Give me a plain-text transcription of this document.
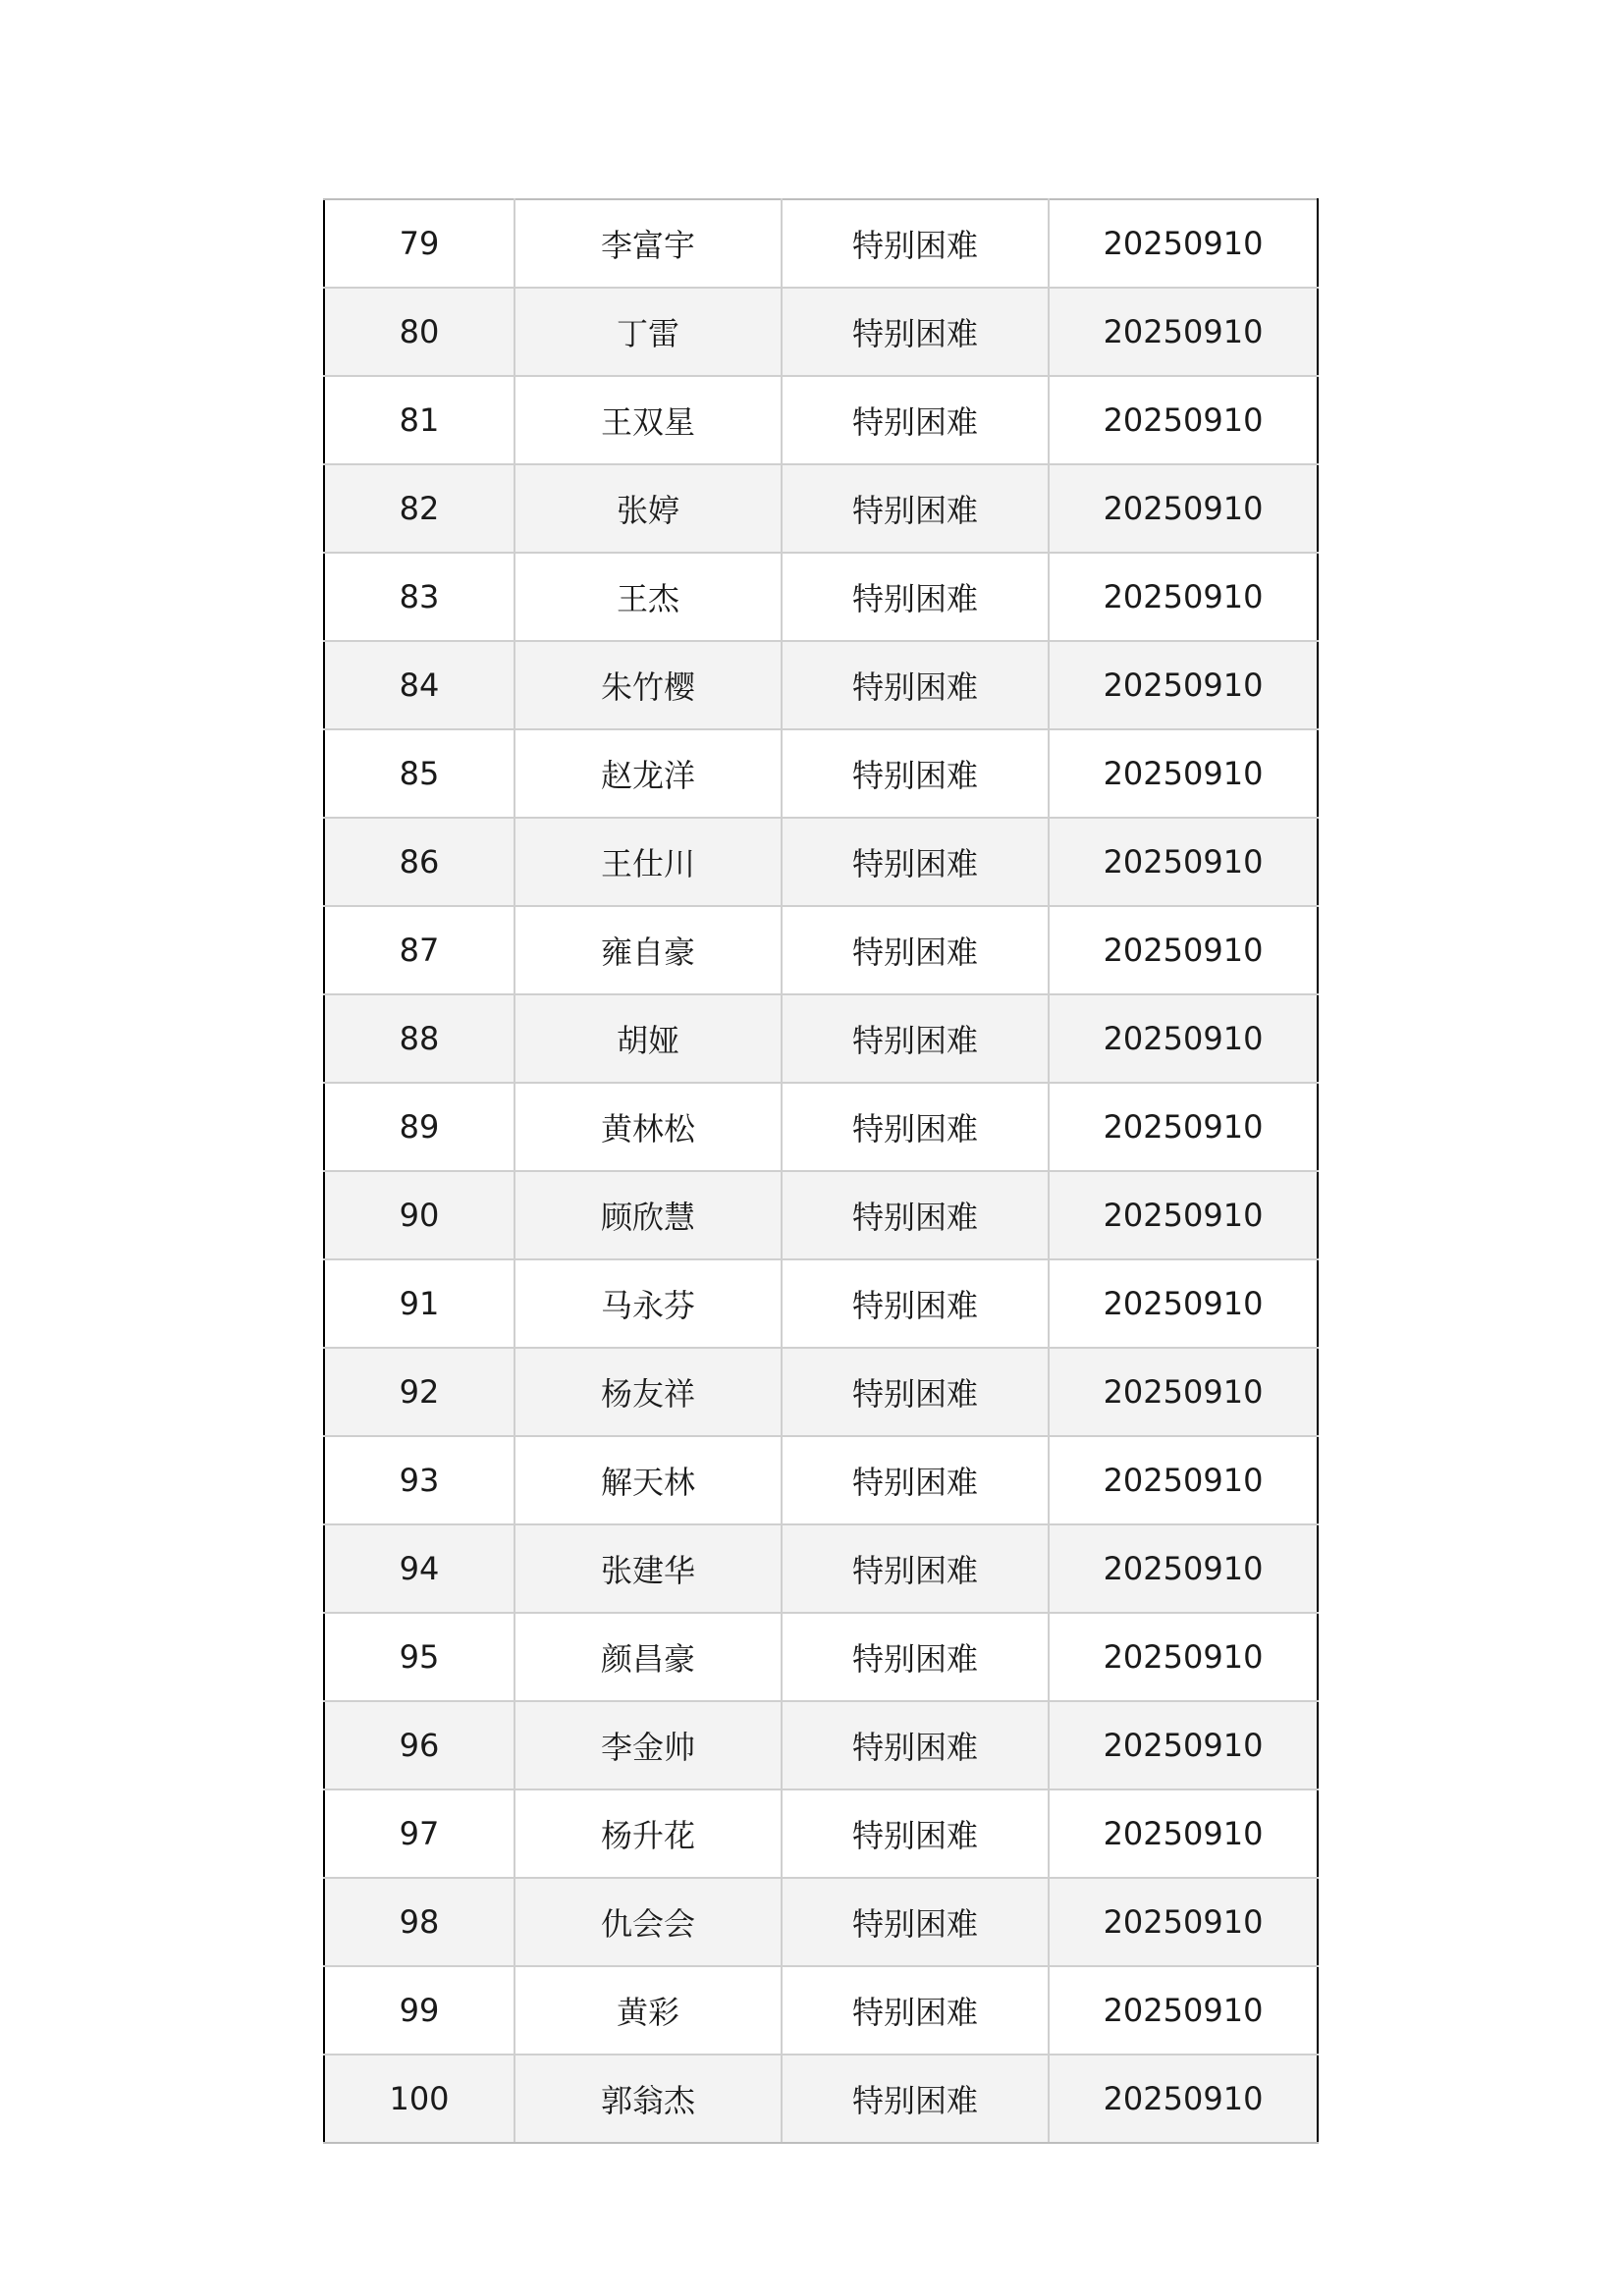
79	李富宇	特别困难	20250910
80	丁雷	特别困难	20250910
81	王双星	特别困难	20250910
82	张婷	特别困难	20250910
83	王杰	特别困难	20250910
84	朱竹樱	特别困难	20250910
85	赵龙洋	特别困难	20250910
86	王仕川	特别困难	20250910
87	雍自豪	特别困难	20250910
88	胡娅	特别困难	20250910
89	黄林松	特别困难	20250910
90	顾欣慧	特别困难	20250910
91	马永芬	特别困难	20250910
92	杨友祥	特别困难	20250910
93	解天林	特别困难	20250910
94	张建华	特别困难	20250910
95	颜昌豪	特别困难	20250910
96	李金帅	特别困难	20250910
97	杨升花	特别困难	20250910
98	仇会会	特别困难	20250910
99	黄彩	特别困难	20250910
100	郭翁杰	特别困难	20250910
